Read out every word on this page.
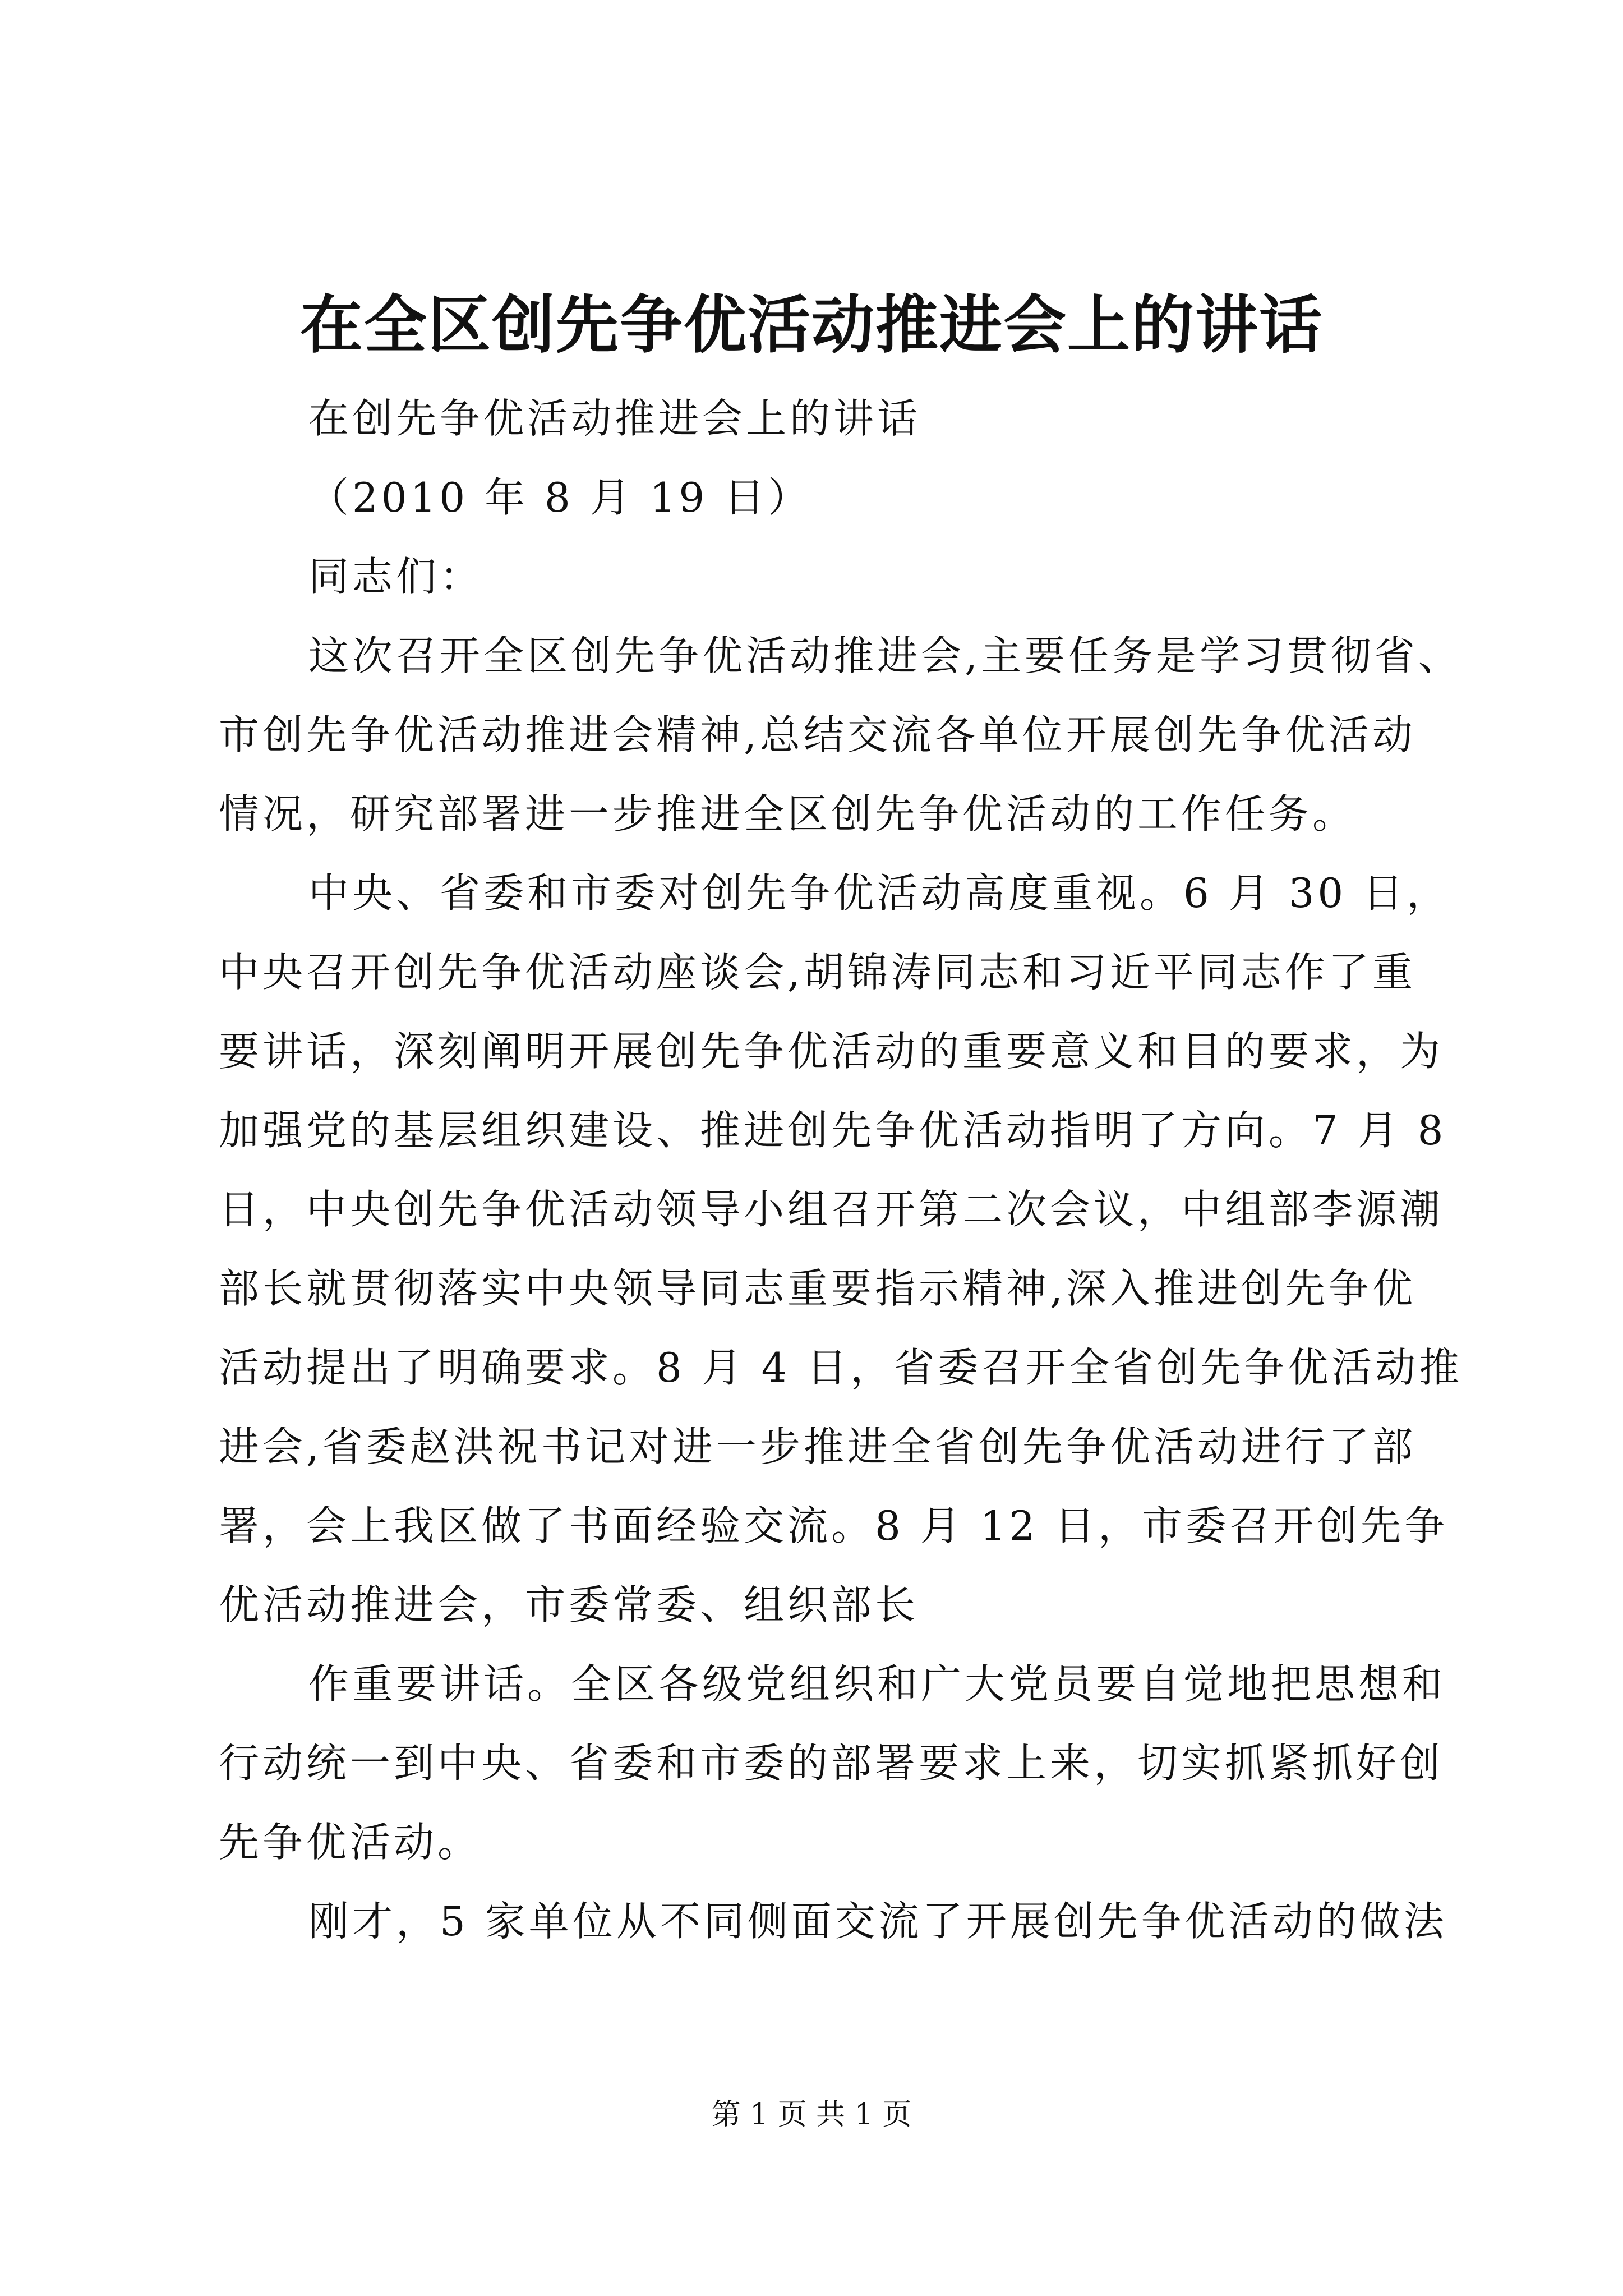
在全区创先争优活动推进会上的讲话
在创先争优活动推进会上的讲话
（2010 年 8 月 19 日）
同志们：
这次召开全区创先争优活动推进会,主要任务是学习贯彻省、
市创先争优活动推进会精神,总结交流各单位开展创先争优活动
情况，研究部署进一步推进全区创先争优活动的工作任务。
中央、省委和市委对创先争优活动高度重视。6 月 30 日，
中央召开创先争优活动座谈会,胡锦涛同志和习近平同志作了重
要讲话，深刻阐明开展创先争优活动的重要意义和目的要求，为
加强党的基层组织建设、推进创先争优活动指明了方向。7 月 8
日，中央创先争优活动领导小组召开第二次会议，中组部李源潮
部长就贯彻落实中央领导同志重要指示精神,深入推进创先争优
活动提出了明确要求。8 月 4 日，省委召开全省创先争优活动推
进会,省委赵洪祝书记对进一步推进全省创先争优活动进行了部
署，会上我区做了书面经验交流。8 月 12 日，市委召开创先争
优活动推进会，市委常委、组织部长
作重要讲话。全区各级党组织和广大党员要自觉地把思想和
行动统一到中央、省委和市委的部署要求上来，切实抓紧抓好创
先争优活动。
刚才，5 家单位从不同侧面交流了开展创先争优活动的做法
第 1 页 共 1 页
